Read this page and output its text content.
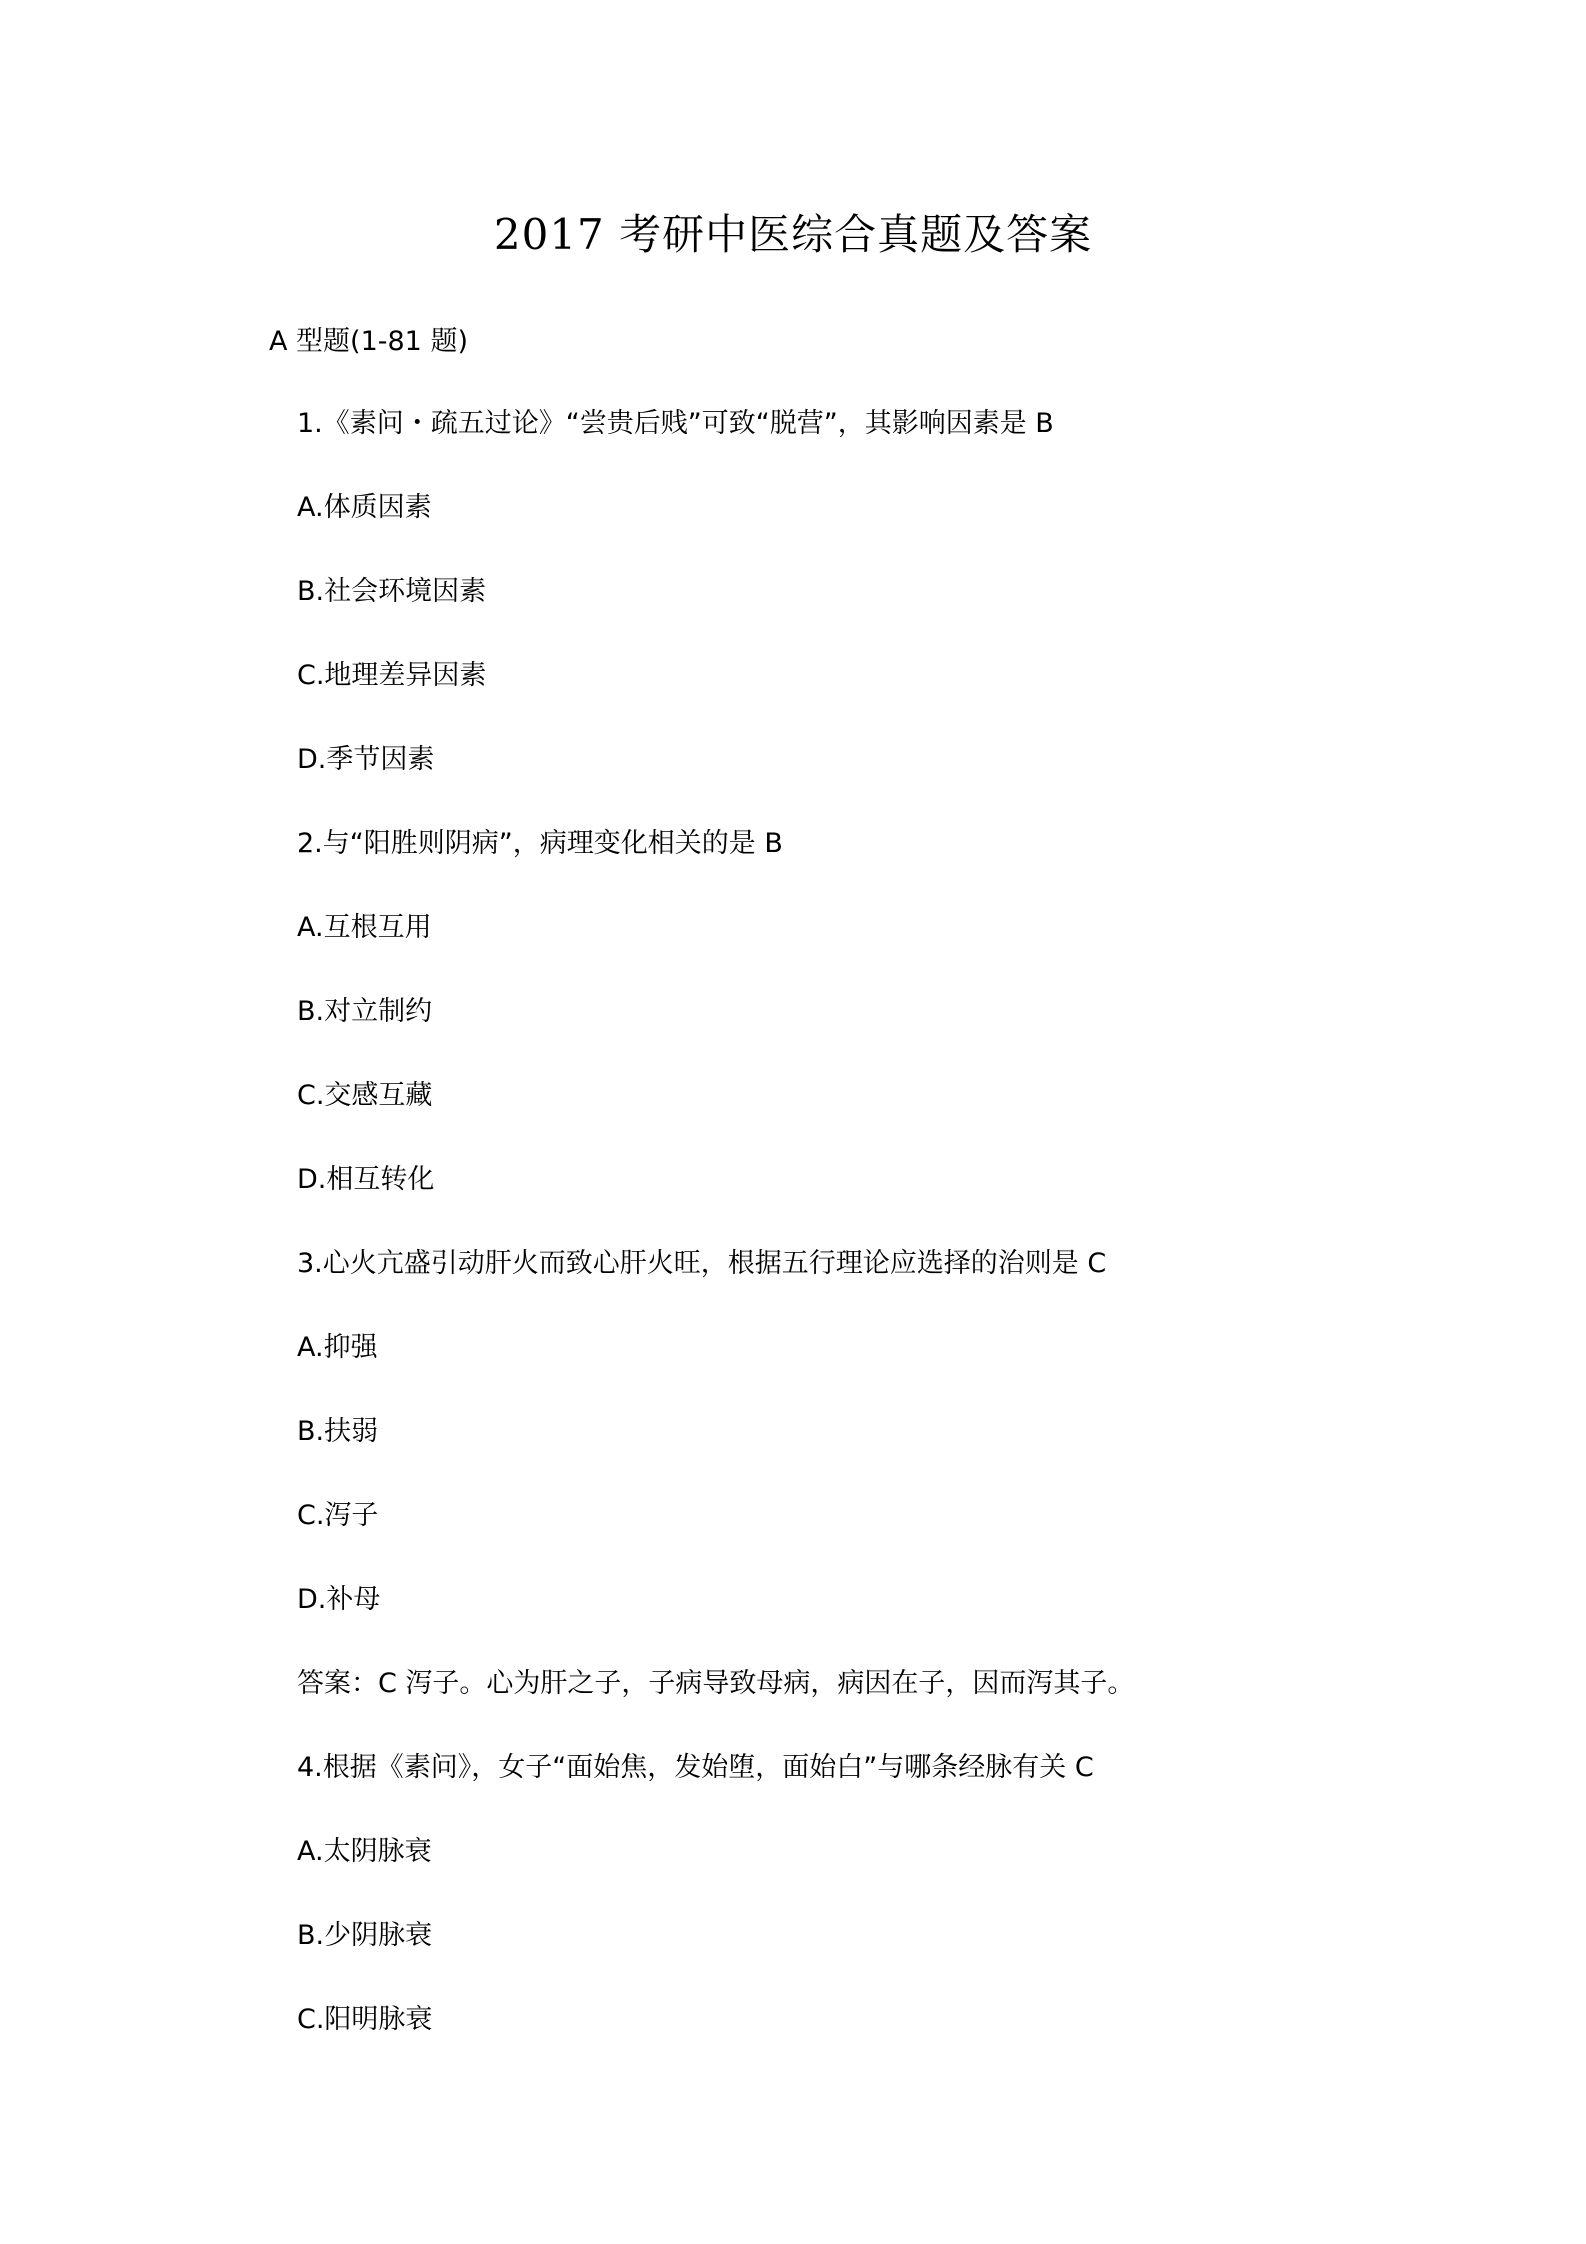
2017 考研中医综合真题及答案
A 型题(1-81 题)
1.《素问・疏五过论》“尝贵后贱”可致“脱营”，其影响因素是 B
A.体质因素
B.社会环境因素
C.地理差异因素
D.季节因素
2.与“阳胜则阴病”，病理变化相关的是 B
A.互根互用
B.对立制约
C.交感互藏
D.相互转化
3.心火亢盛引动肝火而致心肝火旺，根据五行理论应选择的治则是 C
A.抑强
B.扶弱
C.泻子
D.补母
答案：C 泻子。心为肝之子，子病导致母病，病因在子，因而泻其子。
4.根据《素问》，女子“面始焦，发始堕，面始白”与哪条经脉有关 C
A.太阴脉衰
B.少阴脉衰
C.阳明脉衰
